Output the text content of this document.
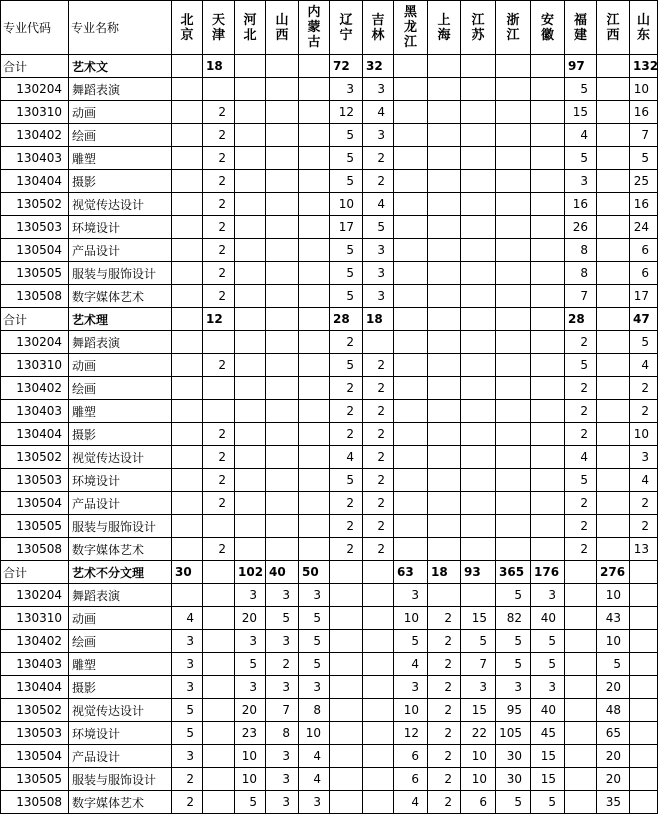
专业代码	专业名称	北京	天津	河北	山西	内蒙古	辽宁	吉林	黑龙江	上海	江苏	浙江	安徽	福建	江西	山东
合计	艺术文		18				72	32						97		132
130204	舞蹈表演						3	3						5		10
130310	动画		2				12	4						15		16
130402	绘画		2				5	3						4		7
130403	雕塑		2				5	2						5		5
130404	摄影		2				5	2						3		25
130502	视觉传达设计		2				10	4						16		16
130503	环境设计		2				17	5						26		24
130504	产品设计		2				5	3						8		6
130505	服装与服饰设计		2				5	3						8		6
130508	数字媒体艺术		2				5	3						7		17
合计	艺术理		12				28	18						28		47
130204	舞蹈表演						2							2		5
130310	动画		2				5	2						5		4
130402	绘画						2	2						2		2
130403	雕塑						2	2						2		2
130404	摄影		2				2	2						2		10
130502	视觉传达设计		2				4	2						4		3
130503	环境设计		2				5	2						5		4
130504	产品设计		2				2	2						2		2
130505	服装与服饰设计						2	2						2		2
130508	数字媒体艺术		2				2	2						2		13
合计	艺术不分文理	30		102	40	50			63	18	93	365	176		276	
130204	舞蹈表演			3	3	3			3			5	3		10	
130310	动画	4		20	5	5			10	2	15	82	40		43	
130402	绘画	3		3	3	5			5	2	5	5	5		10	
130403	雕塑	3		5	2	5			4	2	7	5	5		5	
130404	摄影	3		3	3	3			3	2	3	3	3		20	
130502	视觉传达设计	5		20	7	8			10	2	15	95	40		48	
130503	环境设计	5		23	8	10			12	2	22	105	45		65	
130504	产品设计	3		10	3	4			6	2	10	30	15		20	
130505	服装与服饰设计	2		10	3	4			6	2	10	30	15		20	
130508	数字媒体艺术	2		5	3	3			4	2	6	5	5		35	
